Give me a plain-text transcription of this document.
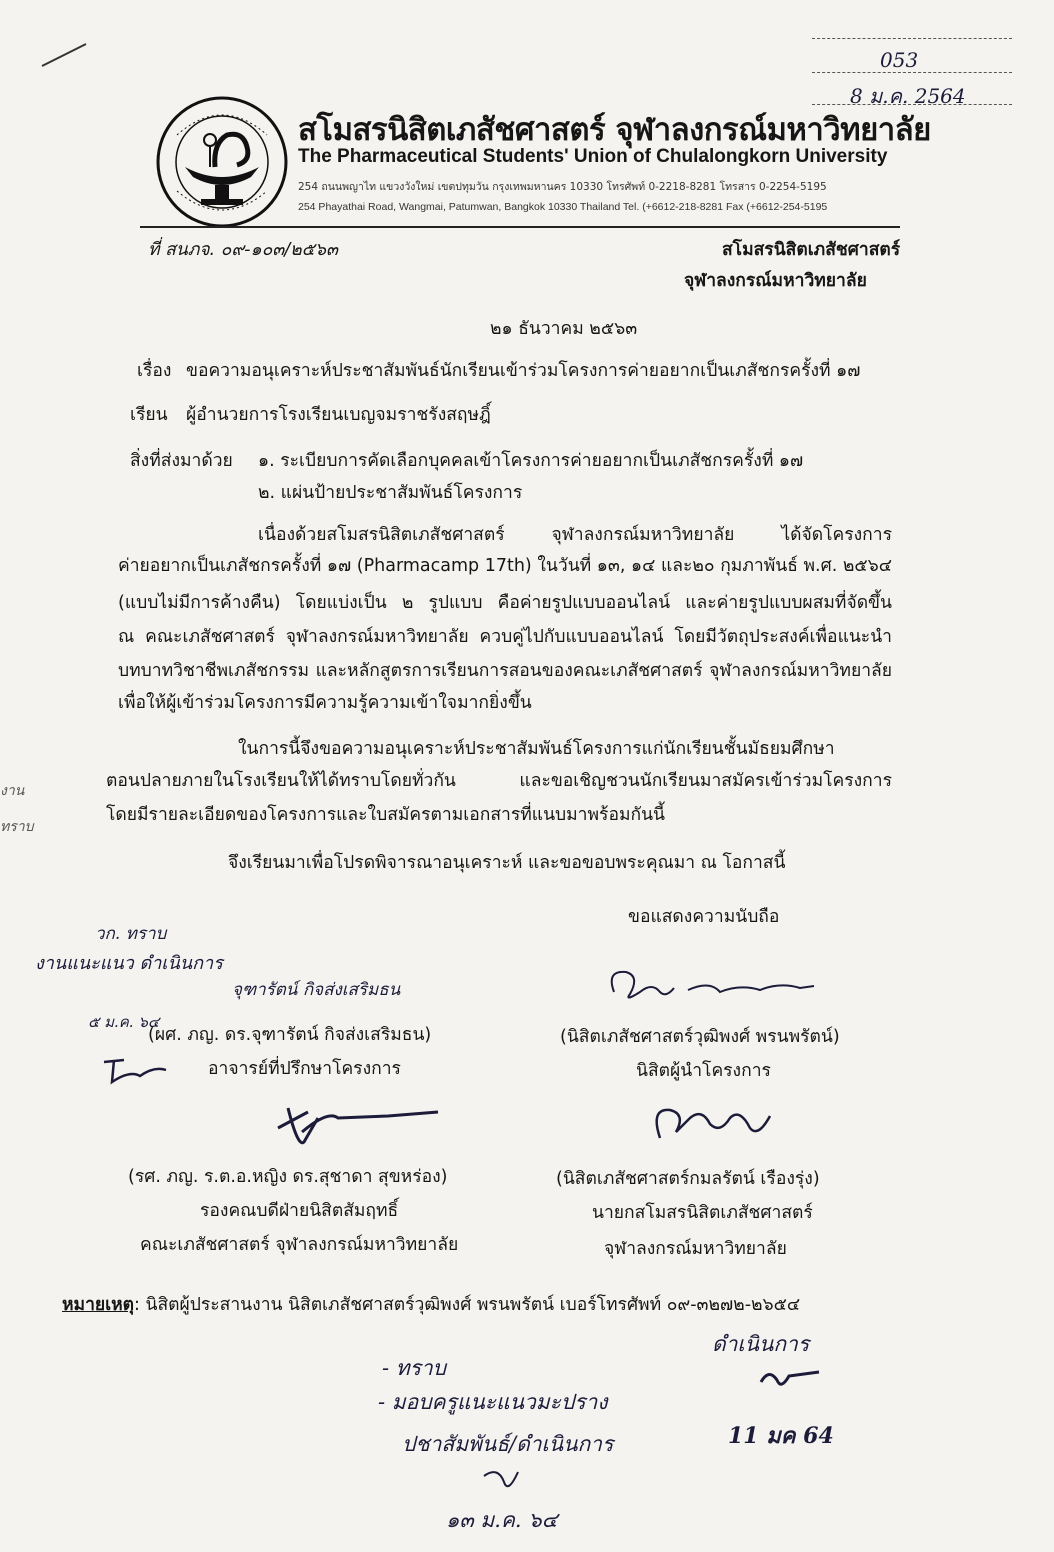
053
8 ม.ค. 2564
สโมสรนิสิตเภสัชศาสตร์ จุฬาลงกรณ์มหาวิทยาลัย
The Pharmaceutical Students' Union of Chulalongkorn University
254 ถนนพญาไท แขวงวังใหม่ เขตปทุมวัน กรุงเทพมหานคร 10330 โทรศัพท์ 0-2218-8281 โทรสาร 0-2254-5195
254 Phayathai Road, Wangmai, Patumwan, Bangkok 10330 Thailand Tel. (+6612-218-8281 Fax (+6612-254-5195
ที่ สนภจ. ๐๙-๑๐๓/๒๕๖๓	สโมสรนิสิตเภสัชศาสตร์
จุฬาลงกรณ์มหาวิทยาลัย
๒๑ ธันวาคม ๒๕๖๓
เรื่อง ขอความอนุเคราะห์ประชาสัมพันธ์นักเรียนเข้าร่วมโครงการค่ายอยากเป็นเภสัชกรครั้งที่ ๑๗
เรียน ผู้อำนวยการโรงเรียนเบญจมราชรังสฤษฎิ์
สิ่งที่ส่งมาด้วย ๑. ระเบียบการคัดเลือกบุคคลเข้าโครงการค่ายอยากเป็นเภสัชกรครั้งที่ ๑๗
๒. แผ่นป้ายประชาสัมพันธ์โครงการ
เนื่องด้วยสโมสรนิสิตเภสัชศาสตร์ จุฬาลงกรณ์มหาวิทยาลัย ได้จัดโครงการ
ค่ายอยากเป็นเภสัชกรครั้งที่ ๑๗ (Pharmacamp 17th) ในวันที่ ๑๓, ๑๔ และ๒๐ กุมภาพันธ์ พ.ศ. ๒๕๖๔
(แบบไม่มีการค้างคืน) โดยแบ่งเป็น ๒ รูปแบบ คือค่ายรูปแบบออนไลน์ และค่ายรูปแบบผสมที่จัดขึ้น
ณ คณะเภสัชศาสตร์ จุฬาลงกรณ์มหาวิทยาลัย ควบคู่ไปกับแบบออนไลน์ โดยมีวัตถุประสงค์เพื่อแนะนำ
บทบาทวิชาชีพเภสัชกรรม และหลักสูตรการเรียนการสอนของคณะเภสัชศาสตร์ จุฬาลงกรณ์มหาวิทยาลัย
เพื่อให้ผู้เข้าร่วมโครงการมีความรู้ความเข้าใจมากยิ่งขึ้น
ในการนี้จึงขอความอนุเคราะห์ประชาสัมพันธ์โครงการแก่นักเรียนชั้นมัธยมศึกษา
ตอนปลายภายในโรงเรียนให้ได้ทราบโดยทั่วกัน และขอเชิญชวนนักเรียนมาสมัครเข้าร่วมโครงการ
โดยมีรายละเอียดของโครงการและใบสมัครตามเอกสารที่แนบมาพร้อมกันนี้
จึงเรียนมาเพื่อโปรดพิจารณาอนุเคราะห์ และขอขอบพระคุณมา ณ โอกาสนี้
ขอแสดงความนับถือ
งาน
ทราบ
วก. ทราบ
งานแนะแนว ดำเนินการ
จุฑารัตน์ กิจส่งเสริมธน
๕ ม.ค. ๖๔
(ผศ. ภญ. ดร.จุฑารัตน์ กิจส่งเสริมธน)
อาจารย์ที่ปรึกษาโครงการ
(นิสิตเภสัชศาสตร์วุฒิพงศ์ พรนพรัตน์)
นิสิตผู้นำโครงการ
(รศ. ภญ. ร.ต.อ.หญิง ดร.สุชาดา สุขหร่อง)
รองคณบดีฝ่ายนิสิตสัมฤทธิ์
คณะเภสัชศาสตร์ จุฬาลงกรณ์มหาวิทยาลัย
(นิสิตเภสัชศาสตร์กมลรัตน์ เรืองรุ่ง)
นายกสโมสรนิสิตเภสัชศาสตร์
จุฬาลงกรณ์มหาวิทยาลัย
หมายเหตุ: นิสิตผู้ประสานงาน นิสิตเภสัชศาสตร์วุฒิพงศ์ พรนพรัตน์ เบอร์โทรศัพท์ ๐๙-๓๒๗๒-๒๖๕๔
- ทราบ
- มอบครูแนะแนวมะปราง
ปชาสัมพันธ์/ดำเนินการ
๑๓ ม.ค. ๖๔
ดำเนินการ
11 มค 64
